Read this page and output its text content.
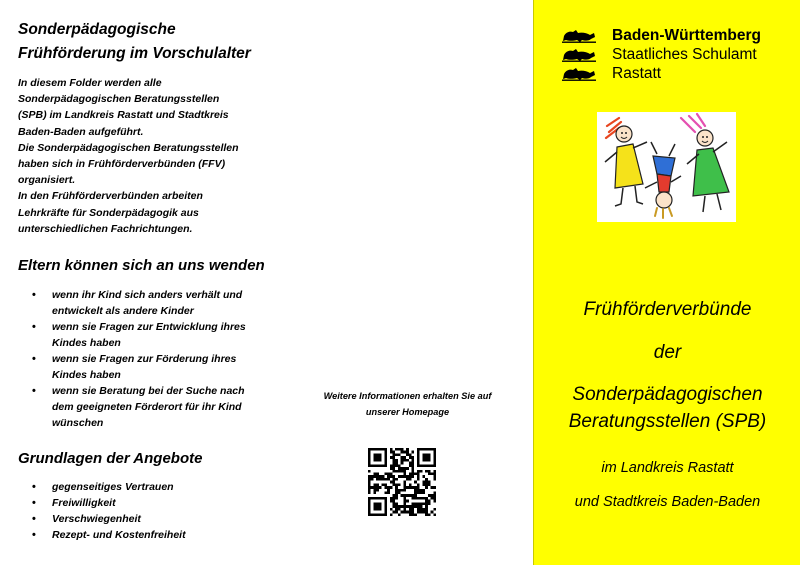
Sonderpädagogische
Frühförderung im Vorschulalter
In diesem Folder werden alle
Sonderpädagogischen Beratungsstellen
(SPB) im Landkreis Rastatt und Stadtkreis
Baden-Baden aufgeführt.
Die Sonderpädagogischen Beratungsstellen
haben sich in Frühförderverbünden (FFV)
organisiert.
In den Frühförderverbünden arbeiten
Lehrkräfte für Sonderpädagogik aus
unterschiedlichen Fachrichtungen.
Eltern können sich an uns wenden
• wenn ihr Kind sich anders verhält und
entwickelt als andere Kinder
• wenn sie Fragen zur Entwicklung ihres
Kindes haben
• wenn sie Fragen zur Förderung ihres
Kindes haben
• wenn sie Beratung bei der Suche nach
dem geeigneten Förderort für ihr Kind
wünschen
Grundlagen der Angebote
• gegenseitiges Vertrauen
• Freiwilligkeit
• Verschwiegenheit
• Rezept- und Kostenfreiheit
Weitere Informationen erhalten Sie auf
unserer Homepage
Baden-Württemberg
Staatliches Schulamt
Rastatt
Frühförderverbünde
der
Sonderpädagogischen
Beratungsstellen (SPB)
im Landkreis Rastatt
und Stadtkreis Baden-Baden
